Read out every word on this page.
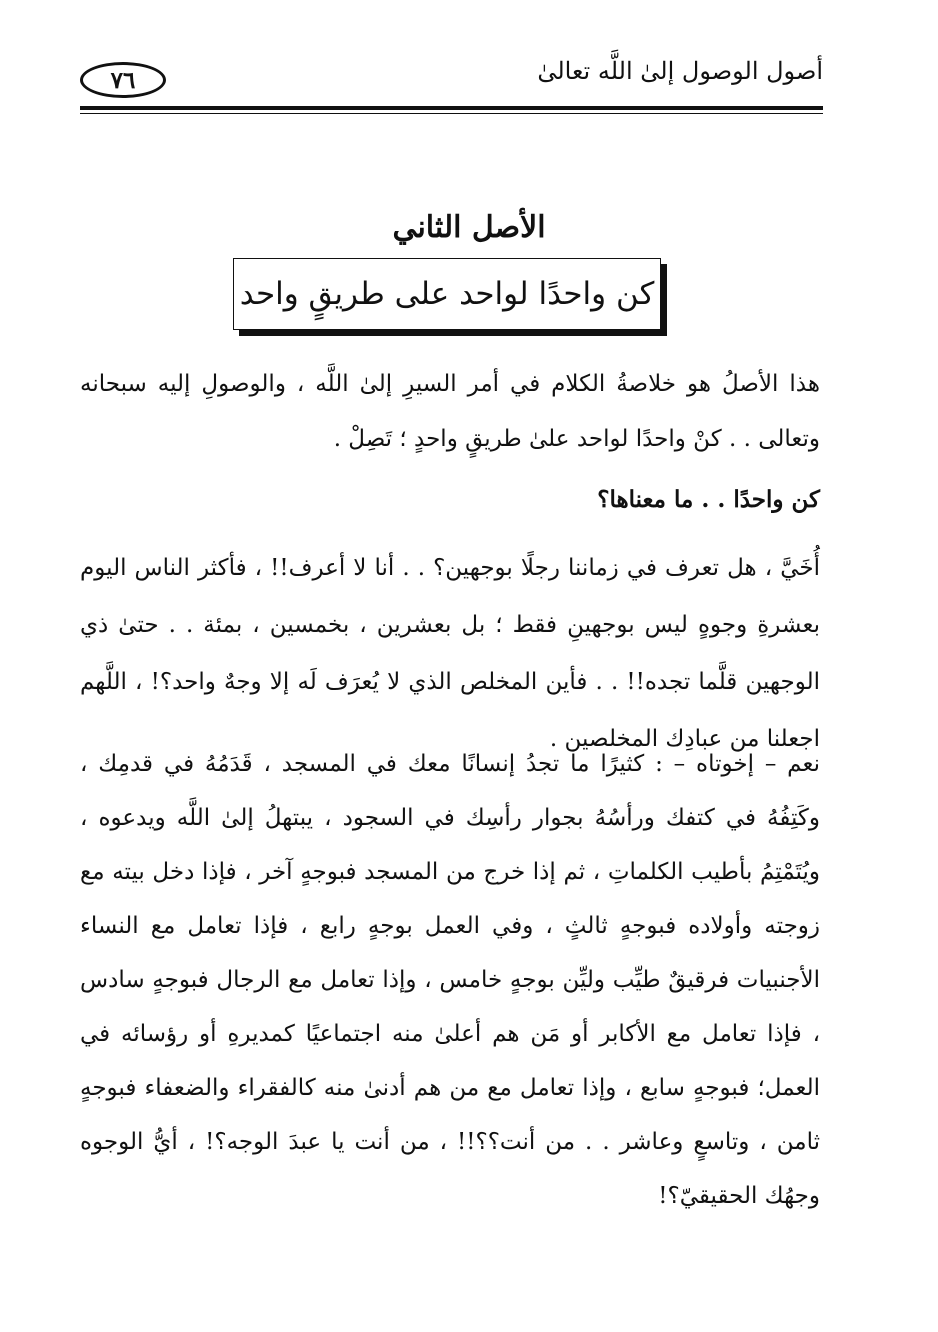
٧٦	أصول الوصول إلىٰ اللَّه تعالىٰ
الأصل الثاني
كن واحدًا لواحد على طريقٍ واحد

هذا الأصلُ هو خلاصةُ الكلام في أمر السيرِ إلىٰ اللَّه ، والوصولِ إليه سبحانه وتعالى . . كنْ واحدًا لواحد علىٰ طريقٍ واحدٍ ؛ تَصِلْ .

كن واحدًا . . ما معناها؟

أُخَيَّ ، هل تعرف في زماننا رجلًا بوجهين؟ . . أنا لا أعرف!! ، فأكثر الناس اليوم بعشرةِ وجوهٍ ليس بوجهينِ فقط ؛ بل بعشرين ، بخمسين ، بمئة . . حتىٰ ذي الوجهين قلَّما تجده!! . . فأين المخلص الذي لا يُعرَف لَه إلا وجهٌ واحد؟! ، اللَّهم اجعلنا من عبادِك المخلصين .

نعم – إخوتاه – : كثيرًا ما تجدُ إنسانًا معك في المسجد ، قَدَمُهُ في قدمِك ، وكَتِفُهُ في كتفك ورأسُهُ بجوار رأسِك في السجود ، يبتهلُ إلىٰ اللَّه ويدعوه ، ويُتَمْتِمُ بأطيب الكلماتِ ، ثم إذا خرج من المسجد فبوجهٍ آخر ، فإذا دخل بيته مع زوجته وأولاده فبوجهٍ ثالثٍ ، وفي العمل بوجهٍ رابع ، فإذا تعامل مع النساء الأجنبيات فرقيقٌ طيِّب وليِّن بوجهٍ خامس ، وإذا تعامل مع الرجال فبوجهٍ سادس ، فإذا تعامل مع الأكابر أو مَن هم أعلىٰ منه اجتماعيًا كمديرهِ أو رؤسائه في العمل؛ فبوجهٍ سابع ، وإذا تعامل مع من هم أدنىٰ منه كالفقراء والضعفاء فبوجهٍ ثامن ، وتاسعٍ وعاشر . . من أنت؟؟!! ، من أنت يا عبدَ الوجه؟! ، أيُّ الوجوه وجهُك الحقيقيّ؟!
